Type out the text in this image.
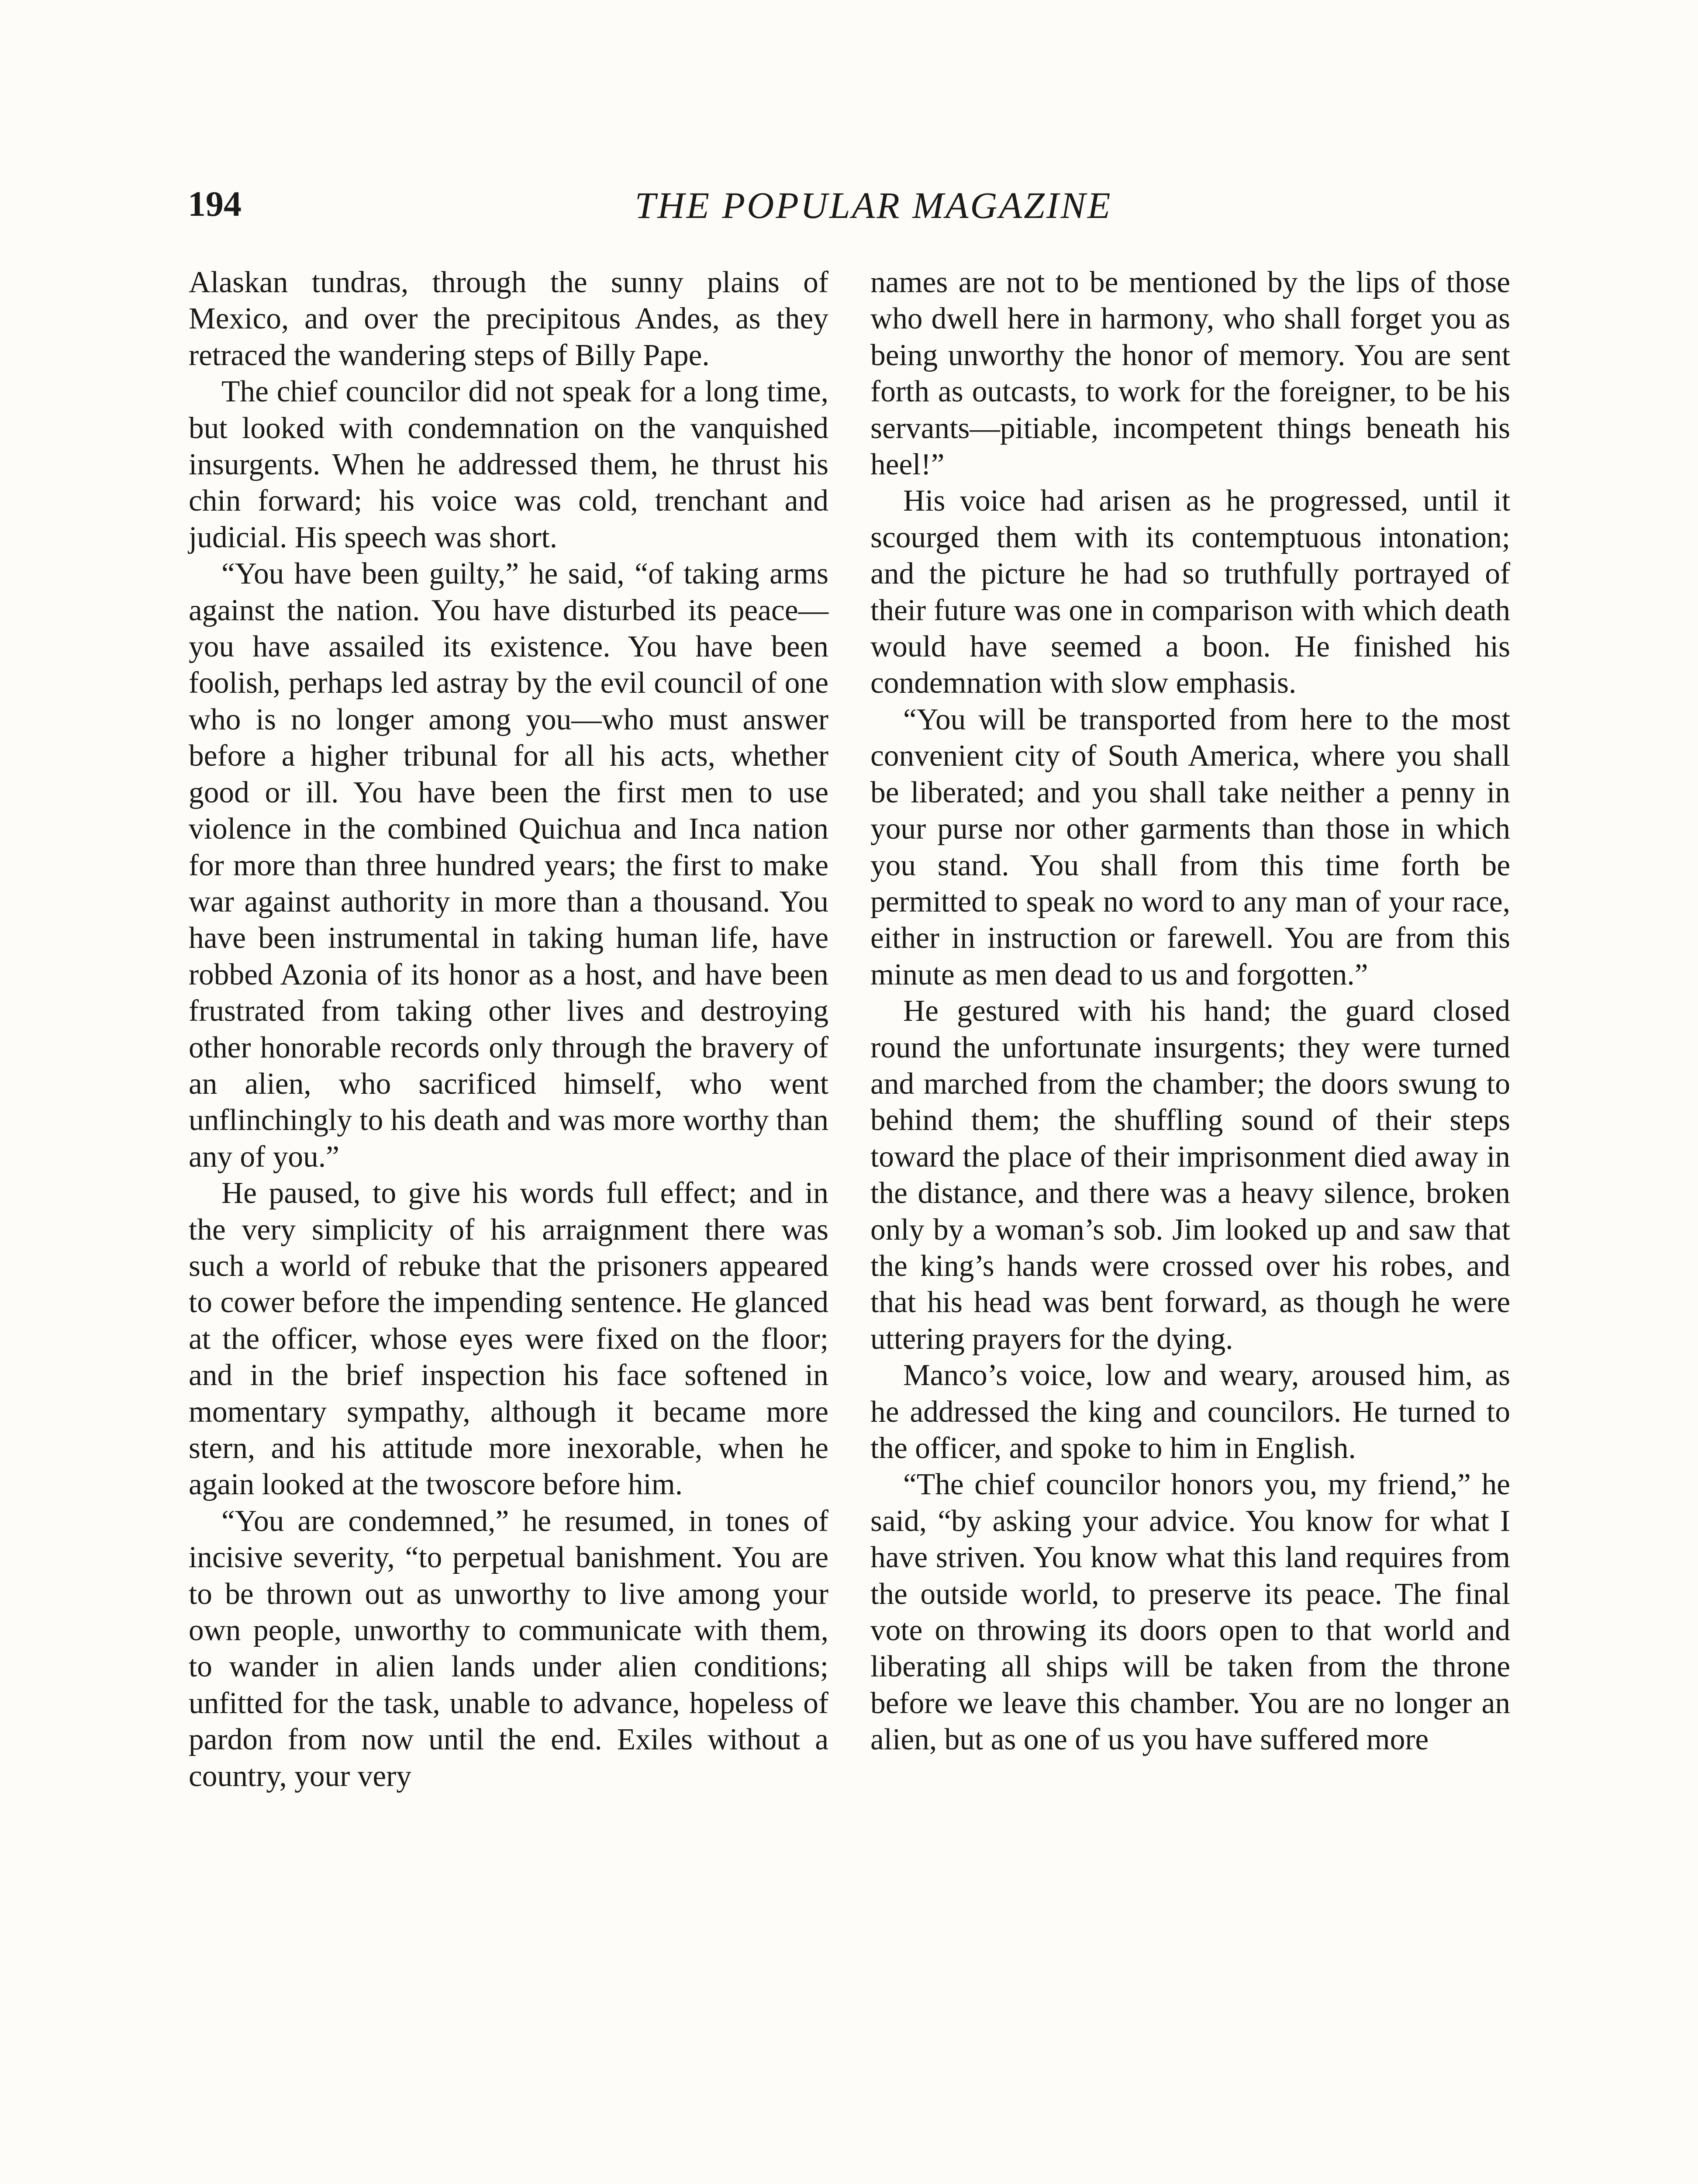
194	THE POPULAR MAGAZINE

Alaskan tundras, through the sunny plains of Mexico, and over the precipitous Andes, as they retraced the wandering steps of Billy Pape.

The chief councilor did not speak for a long time, but looked with condemnation on the vanquished insurgents. When he addressed them, he thrust his chin forward; his voice was cold, trenchant and judicial. His speech was short.

“You have been guilty,” he said, “of taking arms against the nation. You have disturbed its peace—you have assailed its existence. You have been foolish, perhaps led astray by the evil council of one who is no longer among you—who must answer before a higher tribunal for all his acts, whether good or ill. You have been the first men to use violence in the combined Quichua and Inca nation for more than three hundred years; the first to make war against authority in more than a thousand. You have been instrumental in taking human life, have robbed Azonia of its honor as a host, and have been frustrated from taking other lives and destroying other honorable records only through the bravery of an alien, who sacrificed himself, who went unflinchingly to his death and was more worthy than any of you.”

He paused, to give his words full effect; and in the very simplicity of his arraignment there was such a world of rebuke that the prisoners appeared to cower before the impending sentence. He glanced at the officer, whose eyes were fixed on the floor; and in the brief inspection his face softened in momentary sympathy, although it became more stern, and his attitude more inexorable, when he again looked at the twoscore before him.

“You are condemned,” he resumed, in tones of incisive severity, “to perpetual banishment. You are to be thrown out as unworthy to live among your own people, unworthy to communicate with them, to wander in alien lands under alien conditions; unfitted for the task, unable to advance, hopeless of pardon from now until the end. Exiles without a country, your very

names are not to be mentioned by the lips of those who dwell here in harmony, who shall forget you as being unworthy the honor of memory. You are sent forth as outcasts, to work for the foreigner, to be his servants—pitiable, incompetent things beneath his heel!”

His voice had arisen as he progressed, until it scourged them with its contemptuous intonation; and the picture he had so truthfully portrayed of their future was one in comparison with which death would have seemed a boon. He finished his condemnation with slow emphasis.

“You will be transported from here to the most convenient city of South America, where you shall be liberated; and you shall take neither a penny in your purse nor other garments than those in which you stand. You shall from this time forth be permitted to speak no word to any man of your race, either in instruction or farewell. You are from this minute as men dead to us and forgotten.”

He gestured with his hand; the guard closed round the unfortunate insurgents; they were turned and marched from the chamber; the doors swung to behind them; the shuffling sound of their steps toward the place of their imprisonment died away in the distance, and there was a heavy silence, broken only by a woman’s sob. Jim looked up and saw that the king’s hands were crossed over his robes, and that his head was bent forward, as though he were uttering prayers for the dying.

Manco’s voice, low and weary, aroused him, as he addressed the king and councilors. He turned to the officer, and spoke to him in English.

“The chief councilor honors you, my friend,” he said, “by asking your advice. You know for what I have striven. You know what this land requires from the outside world, to preserve its peace. The final vote on throwing its doors open to that world and liberating all ships will be taken from the throne before we leave this chamber. You are no longer an alien, but as one of us you have suffered more
